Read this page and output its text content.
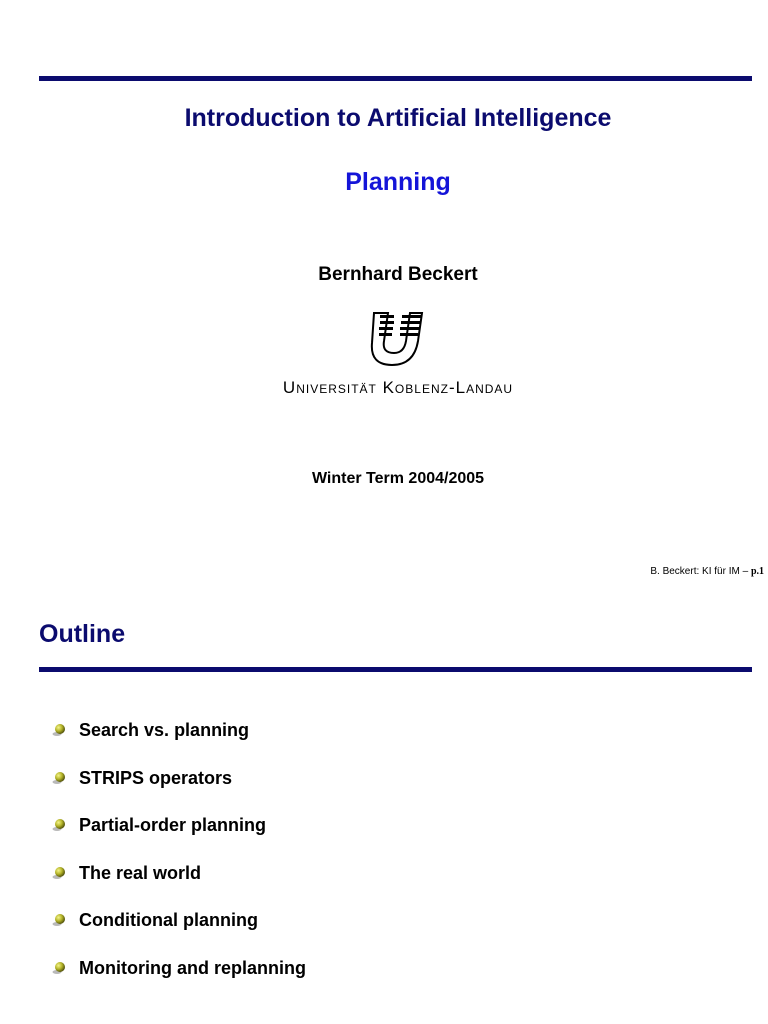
Introduction to Artificial Intelligence
Planning
Bernhard Beckert
Universität Koblenz-Landau
Winter Term 2004/2005
B. Beckert: KI für IM – p.1
Outline
Search vs. planning
STRIPS operators
Partial-order planning
The real world
Conditional planning
Monitoring and replanning
